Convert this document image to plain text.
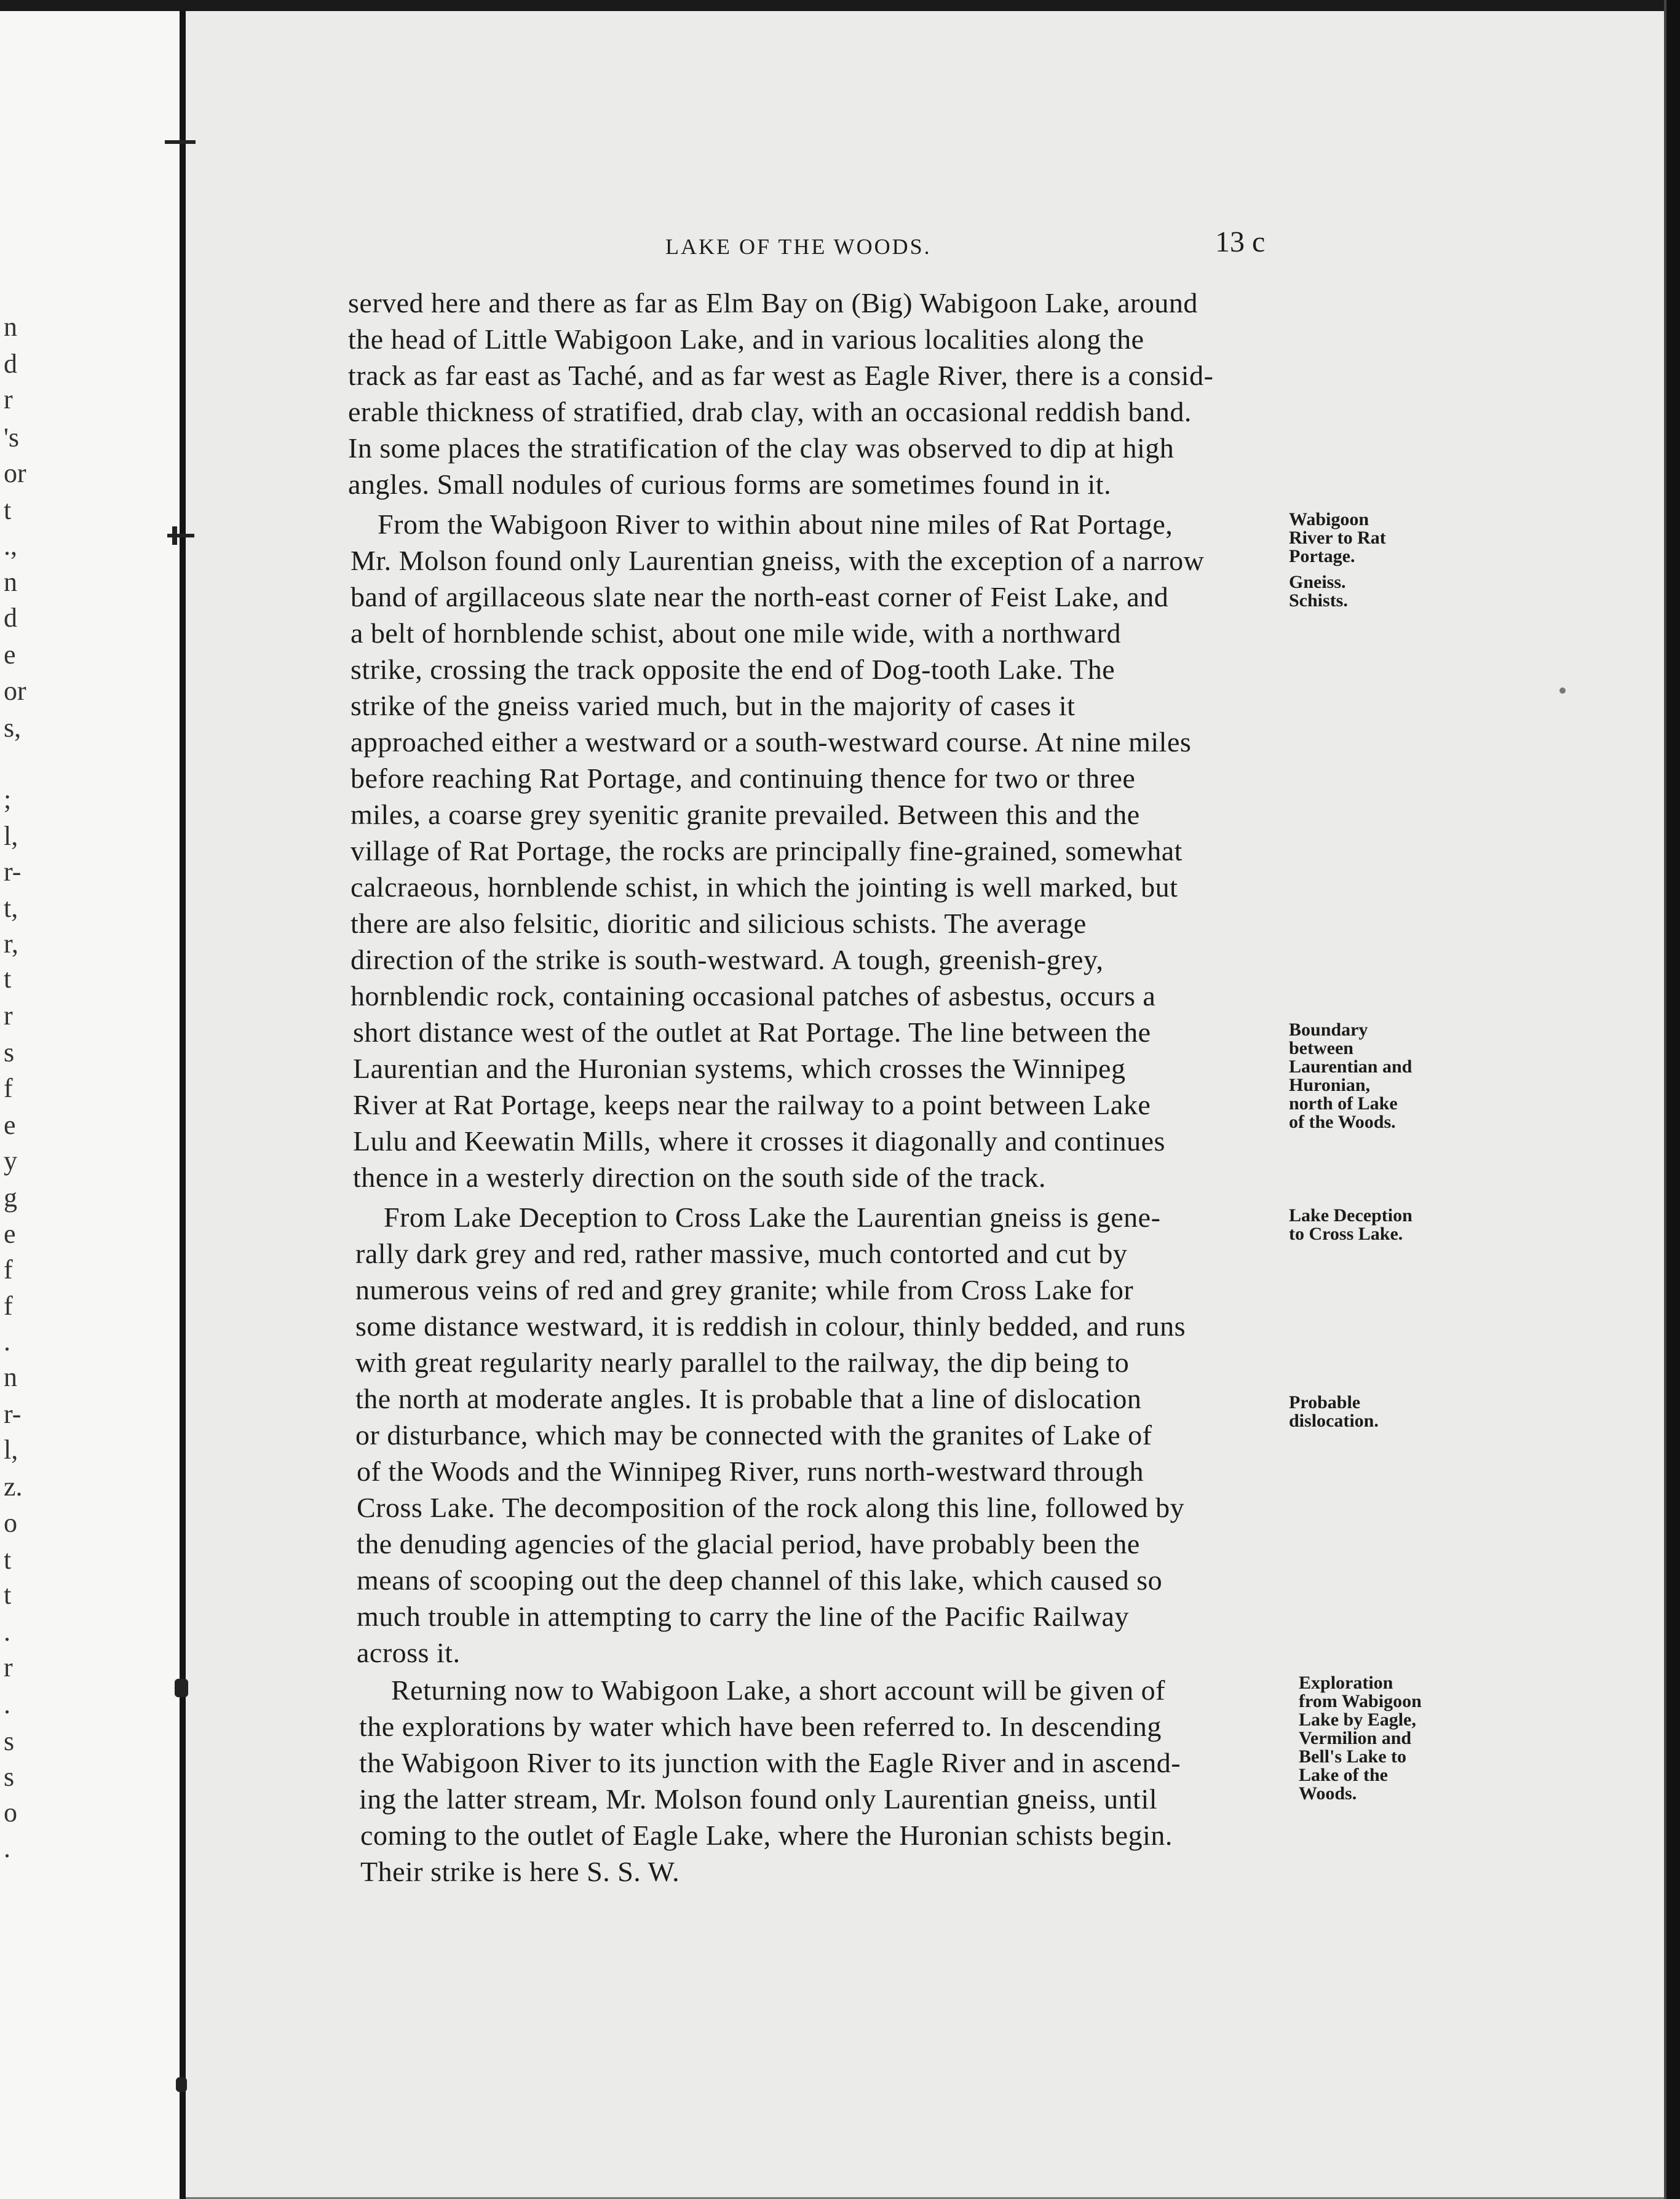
n
d
r
's
or
t
.,
n
d
e
or
s,
;
l,
r-
t,
r,
t
r
s
f
e
y
g
e
f
f
.
n
r-
l,
z.
o
t
t
.
r
.
s
s
o
.
LAKE OF THE WOODS.	13 c
served here and there as far as Elm Bay on (Big) Wabigoon Lake, around
the head of Little Wabigoon Lake, and in various localities along the
track as far east as Taché, and as far west as Eagle River, there is a consid-
erable thickness of stratified, drab clay, with an occasional reddish band.
In some places the stratification of the clay was observed to dip at high
angles. Small nodules of curious forms are sometimes found in it.
From the Wabigoon River to within about nine miles of Rat Portage,
Mr. Molson found only Laurentian gneiss, with the exception of a narrow
band of argillaceous slate near the north-east corner of Feist Lake, and
a belt of hornblende schist, about one mile wide, with a northward
strike, crossing the track opposite the end of Dog-tooth Lake. The
strike of the gneiss varied much, but in the majority of cases it
approached either a westward or a south-westward course. At nine miles
before reaching Rat Portage, and continuing thence for two or three
miles, a coarse grey syenitic granite prevailed. Between this and the
village of Rat Portage, the rocks are principally fine-grained, somewhat
calcraeous, hornblende schist, in which the jointing is well marked, but
there are also felsitic, dioritic and silicious schists. The average
direction of the strike is south-westward. A tough, greenish-grey,
hornblendic rock, containing occasional patches of asbestus, occurs a
short distance west of the outlet at Rat Portage. The line between the
Laurentian and the Huronian systems, which crosses the Winnipeg
River at Rat Portage, keeps near the railway to a point between Lake
Lulu and Keewatin Mills, where it crosses it diagonally and continues
thence in a westerly direction on the south side of the track.
From Lake Deception to Cross Lake the Laurentian gneiss is gene-
rally dark grey and red, rather massive, much contorted and cut by
numerous veins of red and grey granite; while from Cross Lake for
some distance westward, it is reddish in colour, thinly bedded, and runs
with great regularity nearly parallel to the railway, the dip being to
the north at moderate angles. It is probable that a line of dislocation
or disturbance, which may be connected with the granites of Lake of
of the Woods and the Winnipeg River, runs north-westward through
Cross Lake. The decomposition of the rock along this line, followed by
the denuding agencies of the glacial period, have probably been the
means of scooping out the deep channel of this lake, which caused so
much trouble in attempting to carry the line of the Pacific Railway
across it.
Returning now to Wabigoon Lake, a short account will be given of
the explorations by water which have been referred to. In descending
the Wabigoon River to its junction with the Eagle River and in ascend-
ing the latter stream, Mr. Molson found only Laurentian gneiss, until
coming to the outlet of Eagle Lake, where the Huronian schists begin.
Their strike is here S. S. W.
Wabigoon
River to Rat
Portage.
Gneiss.
Schists.
Boundary
between
Laurentian and
Huronian,
north of Lake
of the Woods.
Lake Deception
to Cross Lake.
Probable
dislocation.
Exploration
from Wabigoon
Lake by Eagle,
Vermilion and
Bell's Lake to
Lake of the
Woods.
